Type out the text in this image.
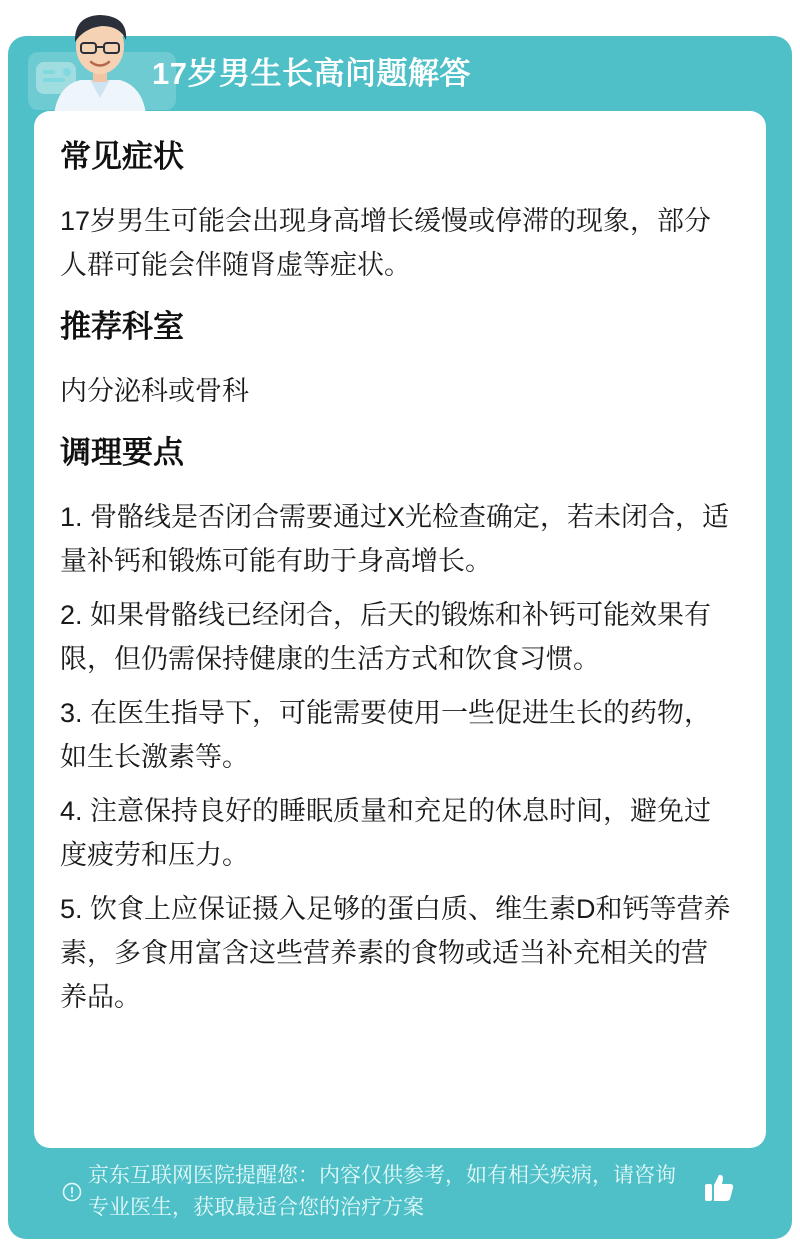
17岁男生长高问题解答
常见症状
17岁男生可能会出现身高增长缓慢或停滞的现象，部分人群可能会伴随肾虚等症状。
推荐科室
内分泌科或骨科
调理要点
1. 骨骼线是否闭合需要通过X光检查确定，若未闭合，适量补钙和锻炼可能有助于身高增长。
2. 如果骨骼线已经闭合，后天的锻炼和补钙可能效果有限，但仍需保持健康的生活方式和饮食习惯。
3. 在医生指导下，可能需要使用一些促进生长的药物，如生长激素等。
4. 注意保持良好的睡眠质量和充足的休息时间，避免过度疲劳和压力。
5. 饮食上应保证摄入足够的蛋白质、维生素D和钙等营养素，多食用富含这些营养素的食物或适当补充相关的营养品。
京东互联网医院提醒您：内容仅供参考，如有相关疾病，请咨询专业医生，获取最适合您的治疗方案
